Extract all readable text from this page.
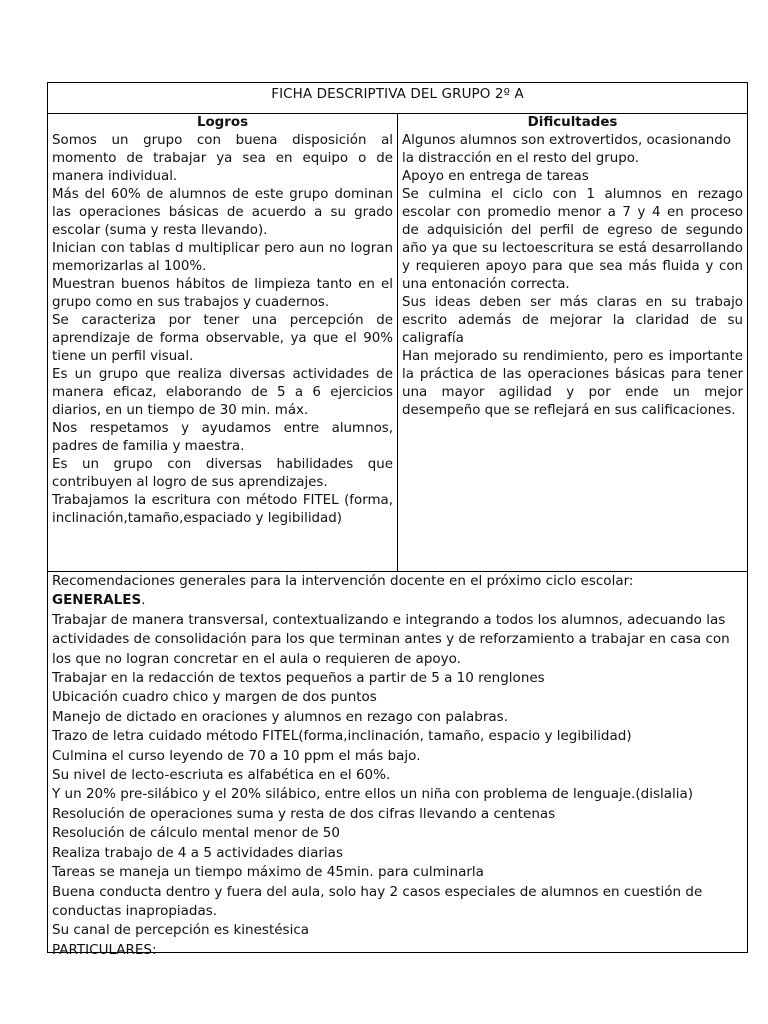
FICHA DESCRIPTIVA DEL GRUPO 2º A
Logros

Somos un grupo con buena disposición al momento de trabajar ya sea en equipo o de manera individual.

Más del 60% de alumnos de este grupo dominan las operaciones básicas de acuerdo a su grado escolar (suma y resta llevando).

Inician con tablas d multiplicar pero aun no logran memorizarlas al 100%.

Muestran buenos hábitos de limpieza tanto en el grupo como en sus trabajos y cuadernos.

Se caracteriza por tener una percepción de aprendizaje de forma observable, ya que el 90% tiene un perfil visual.

Es un grupo que realiza diversas actividades de manera eficaz, elaborando de 5 a 6 ejercicios diarios, en un tiempo de 30 min. máx.

Nos respetamos y ayudamos entre alumnos, padres de familia y maestra.

Es un grupo con diversas habilidades que contribuyen al logro de sus aprendizajes.

Trabajamos la escritura con método FITEL (forma, inclinación,tamaño,espaciado y legibilidad)

Dificultades

Algunos alumnos son extrovertidos, ocasionando la distracción en el resto del grupo.

Apoyo en entrega de tareas

Se culmina el ciclo con 1 alumnos en rezago escolar con promedio menor a 7 y 4 en proceso de adquisición del perfil de egreso de segundo año ya que su lectoescritura se está desarrollando y requieren apoyo para que sea más fluida y con una entonación correcta.

Sus ideas deben ser más claras en su trabajo escrito además de mejorar la claridad de su caligrafía

Han mejorado su rendimiento, pero es importante la práctica de las operaciones básicas para tener una mayor agilidad y por ende un mejor desempeño que se reflejará en sus calificaciones.

Recomendaciones generales para la intervención docente en el próximo ciclo escolar:

GENERALES.

Trabajar de manera transversal, contextualizando e integrando a todos los alumnos, adecuando las actividades de consolidación para los que terminan antes y de reforzamiento a trabajar en casa con los que no logran concretar en el aula o requieren de apoyo.

Trabajar en la redacción de textos pequeños a partir de 5 a 10 renglones

Ubicación cuadro chico y margen de dos puntos

Manejo de dictado en oraciones y alumnos en rezago con palabras.

Trazo de letra cuidado método FITEL(forma,inclinación, tamaño, espacio y legibilidad)

Culmina el curso leyendo de 70 a 10 ppm el más bajo.

Su nivel de lecto-escriuta es alfabética en el 60%.

Y un 20% pre-silábico y el 20% silábico, entre ellos un niña con problema de lenguaje.(dislalia)

Resolución de operaciones suma y resta de dos cifras llevando a centenas

Resolución de cálculo mental menor de 50

Realiza trabajo de 4 a 5 actividades diarias

Tareas se maneja un tiempo máximo de 45min. para culminarla

Buena conducta dentro y fuera del aula, solo hay 2 casos especiales de alumnos en cuestión de conductas inapropiadas.

Su canal de percepción es kinestésica

PARTICULARES:
